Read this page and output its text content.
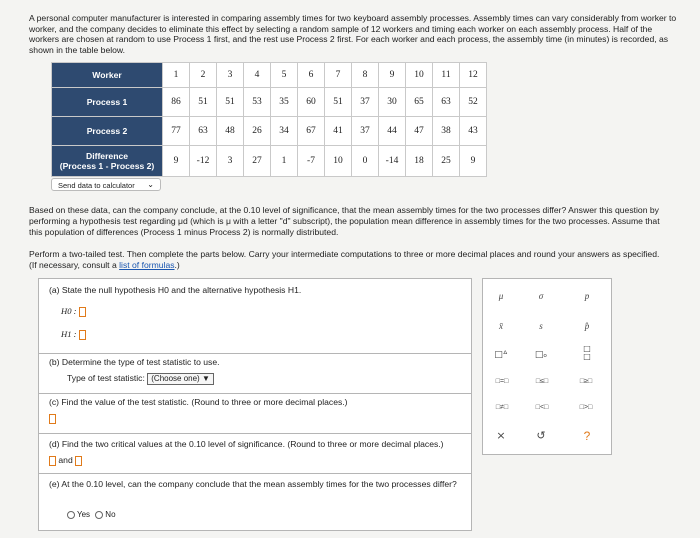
A personal computer manufacturer is interested in comparing assembly times for two keyboard assembly processes. Assembly times can vary considerably from worker to worker, and the company decides to eliminate this effect by selecting a random sample of 12 workers and timing each worker on each assembly process. Half of the workers are chosen at random to use Process 1 first, and the rest use Process 2 first. For each worker and each process, the assembly time (in minutes) is recorded, as shown in the table below.
Worker	1	2	3	4	5	6	7	8	9	10	11	12
Process 1	86	51	51	53	35	60	51	37	30	65	63	52
Process 2	77	63	48	26	34	67	41	37	44	47	38	43
Difference
(Process 1 - Process 2)	9	-12	3	27	1	-7	10	0	-14	18	25	9
Send data to calculator ⌄
Based on these data, can the company conclude, at the 0.10 level of significance, that the mean assembly times for the two processes differ? Answer this question by performing a hypothesis test regarding μd (which is μ with a letter "d" subscript), the population mean difference in assembly times for the two processes. Assume that this population of differences (Process 1 minus Process 2) is normally distributed.
Perform a two-tailed test. Then complete the parts below. Carry your intermediate computations to three or more decimal places and round your answers as specified. (If necessary, consult a list of formulas.)
(a) State the null hypothesis H0 and the alternative hypothesis H1.
H0 :
H1 :
(b) Determine the type of test statistic to use.
Type of test statistic: (Choose one) ▼
(c) Find the value of the test statistic. (Round to three or more decimal places.)
(d) Find the two critical values at the 0.10 level of significance. (Round to three or more decimal places.)
and
(e) At the 0.10 level, can the company conclude that the mean assembly times for the two processes differ?
Yes No
μ	σ	p
x̄	s	p̂
□ᐞ	□ₒ
□
□
□=□	□≤□	□≥□
□≠□	□<□	□>□
×	↺	?
